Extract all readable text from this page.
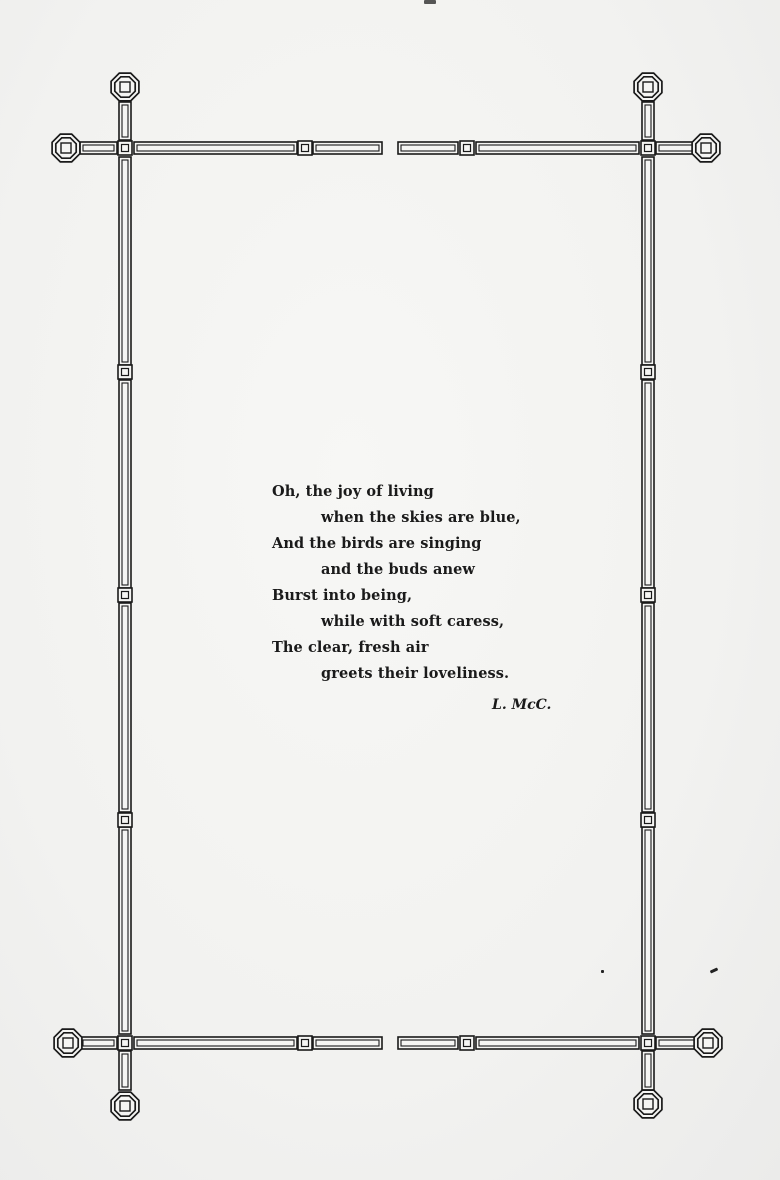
Oh, the joy of living
when the skies are blue,
And the birds are singing
and the buds anew
Burst into being,
while with soft caress,
The clear, fresh air
greets their loveliness.
L. McC.
